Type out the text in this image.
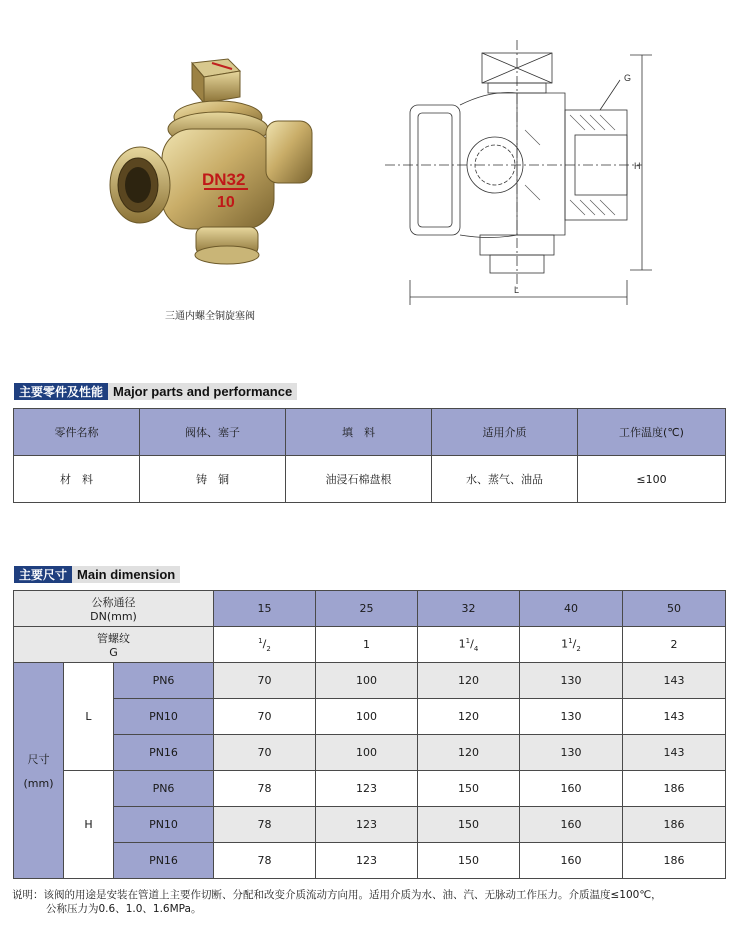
DN32
10
三通内螺全铜旋塞阀
G
H
L
主要零件及性能 Major parts and performance
零件名称	阀体、塞子	填　料	适用介质	工作温度(℃)
材　料	铸　铜	油浸石棉盘根	水、蒸气、油品	≤100
主要尺寸 Main dimension
公称通径
DN(mm)			15	25	32	40	50

管螺纹
G			$^1/_2$	1	$1^1/_4$	$1^1/_2$	2

尺寸
(mm)	L	PN6	70	100	120	130	143
		PN10	70	100	120	130	143
		PN16	70	100	120	130	143
	H	PN6	78	123	150	160	186
		PN10	78	123	150	160	186
		PN16	78	123	150	160	186
说明：该阀的用途是安装在管道上主要作切断、分配和改变介质流动方向用。适用介质为水、油、汽、无脉动工作压力。介质温度≤100℃，
公称压力为0.6、1.0、1.6MPa。
